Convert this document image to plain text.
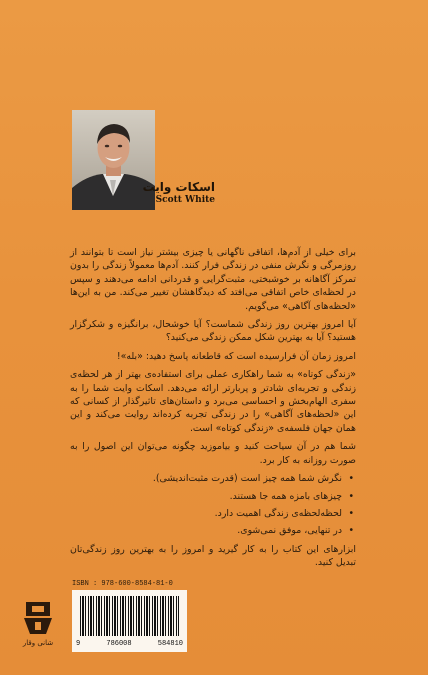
اسکات وایت
Scott White

برای خیلی از آدم‌ها، اتفاقی ناگهانی یا چیزی بیشتر نیاز است تا بتوانند از روزمرگی و نگرش منفی در زندگی فرار کنند. آدم‌ها معمولاً زندگی را بدون تمرکز آگاهانه بر خوشبختی، مثبت‌گرایی و قدردانی ادامه می‌دهند و سپس در لحظه‌ای خاص اتفاقی می‌افتد که دیدگاهشان تغییر می‌کند. من به این‌ها «لحظه‌های آگاهی» می‌گویم.

آیا امروز بهترین روز زندگی شماست؟ آیا خوشحال، برانگیزه و شکرگزار هستید؟ آیا به بهترین شکل ممکن زندگی می‌کنید؟

امروز زمان آن فرارسیده است که قاطعانه پاسخ دهید: «بله»!

«زندگی کوتاه» به شما راهکاری عملی برای استفاده‌ی بهتر از هر لحظه‌ی زندگی و تجربه‌ای شادتر و پربارتر ارائه می‌دهد. اسکات وایت شما را به سفری الهام‌بخش و احساسی می‌برد و داستان‌های تاثیرگذار از کسانی که این «لحظه‌های آگاهی» را در زندگی تجربه کرده‌اند روایت می‌کند و این همان جهان فلسفه‌ی «زندگی کوتاه» است.

شما هم در آن سیاحت کنید و بیاموزید چگونه می‌توان این اصول را به صورت روزانه به کار برد.

• نگرش شما همه چیز است (قدرت مثبت‌اندیشی).
• چیزهای بامزه همه جا هستند.
• لحظه‌لحظه‌ی زندگی اهمیت دارد.
• در تنهایی، موفق نمی‌شوی.

ابزارهای این کتاب را به کار گیرید و امروز را به بهترین روز زندگی‌تان تبدیل کنید.

ISBN : 978-600-8584-81-0
9	786008	584810
شانی وقار
